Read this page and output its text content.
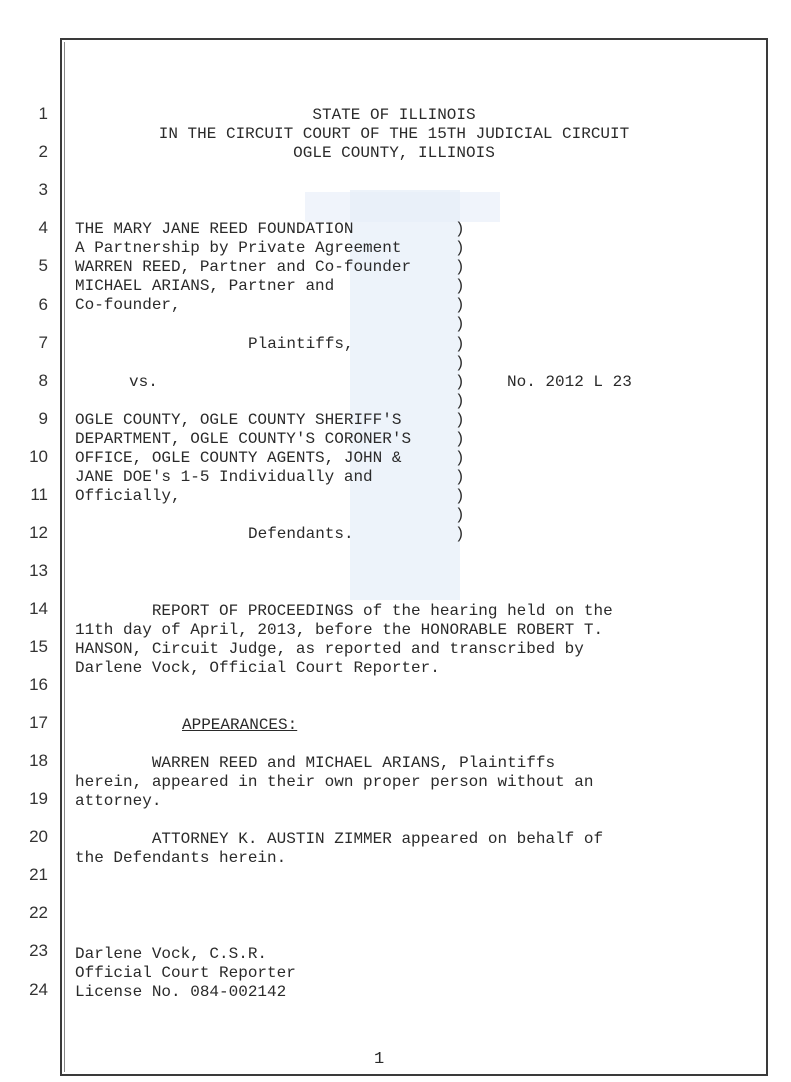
1
2
3
4
5
6
7
8
9
10
11
12
13
14
15
16
17
18
19
20
21
22
23
24
STATE OF ILLINOIS
IN THE CIRCUIT COURT OF THE 15TH JUDICIAL CIRCUIT
OGLE COUNTY, ILLINOIS
THE MARY JANE REED FOUNDATION
A Partnership by Private Agreement
WARREN REED, Partner and Co-founder
MICHAEL ARIANS, Partner and
Co-founder,
Plaintiffs,
vs.	No. 2012 L 23
OGLE COUNTY, OGLE COUNTY SHERIFF'S
DEPARTMENT, OGLE COUNTY'S CORONER'S
OFFICE, OGLE COUNTY AGENTS, JOHN &
JANE DOE's 1-5 Individually and
Officially,
Defendants.
)
)
)
)
)
)
)
)
)
)
)
)
)
)
)
)
)
REPORT OF PROCEEDINGS of the hearing held on the
11th day of April, 2013, before the HONORABLE ROBERT T.
HANSON, Circuit Judge, as reported and transcribed by
Darlene Vock, Official Court Reporter.
APPEARANCES:
WARREN REED and MICHAEL ARIANS, Plaintiffs
herein, appeared in their own proper person without an
attorney.
ATTORNEY K. AUSTIN ZIMMER appeared on behalf of
the Defendants herein.
Darlene Vock, C.S.R.
Official Court Reporter
License No. 084-002142
1
